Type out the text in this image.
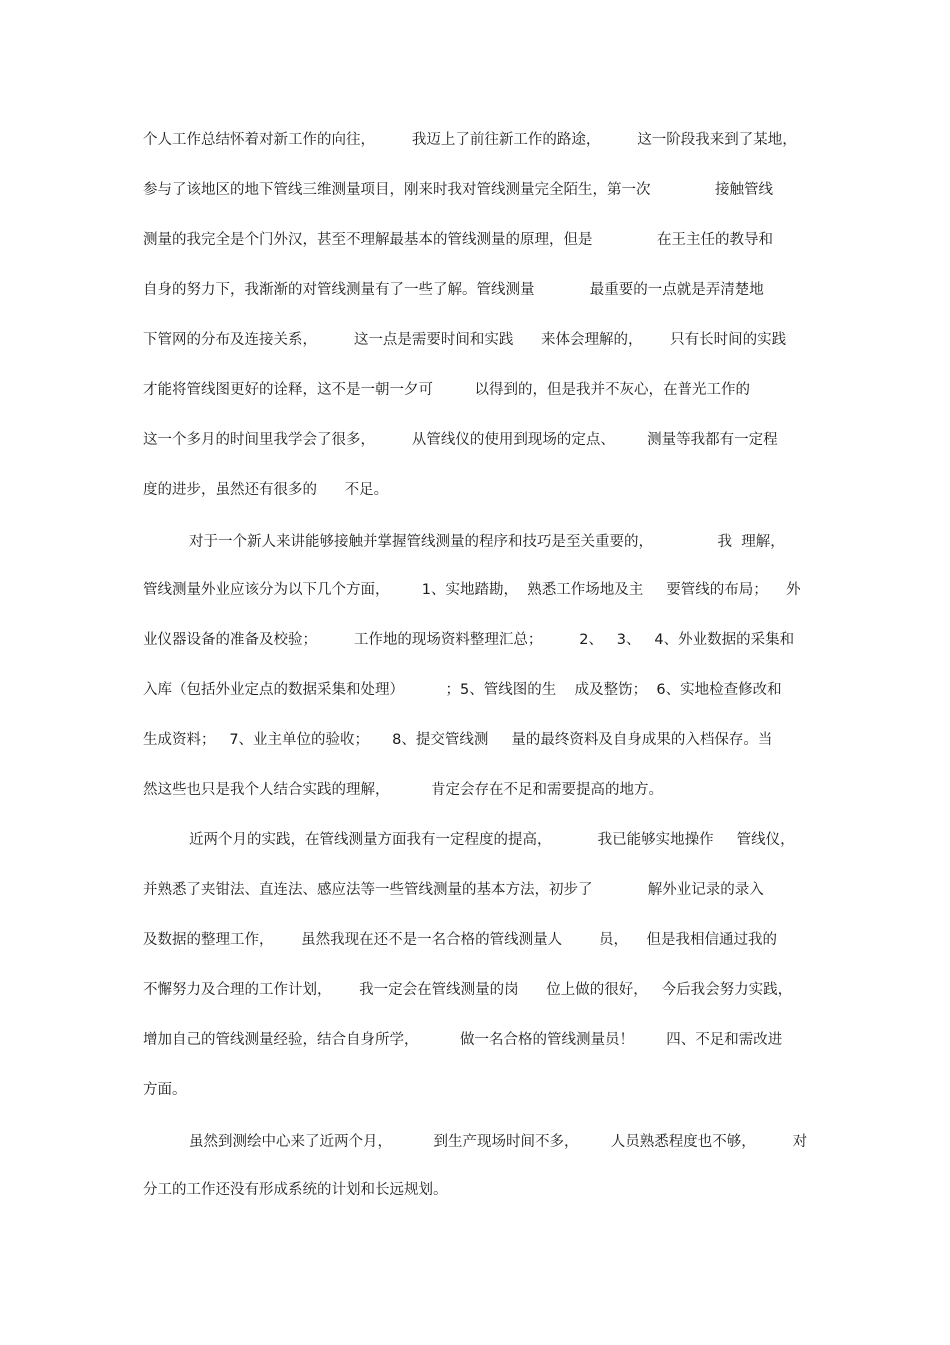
个人工作总结怀着对新工作的向往，        我迈上了前往新工作的路途，        这一阶段我来到了某地，
参与了该地区的地下管线三维测量项目，刚来时我对管线测量完全陌生，第一次              接触管线
测量的我完全是个门外汉，甚至不理解最基本的管线测量的原理，但是              在王主任的教导和
自身的努力下，我渐渐的对管线测量有了一些了解。管线测量            最重要的一点就是弄清楚地
下管网的分布及连接关系，        这一点是需要时间和实践      来体会理解的，      只有长时间的实践
才能将管线图更好的诠释，这不是一朝一夕可         以得到的，但是我并不灰心，在普光工作的
这一个多月的时间里我学会了很多，        从管线仪的使用到现场的定点、       测量等我都有一定程
度的进步，虽然还有很多的      不足。
对于一个新人来讲能够接触并掌握管线测量的程序和技巧是至关重要的，              我  理解，
管线测量外业应该分为以下几个方面，       1、实地踏勘，  熟悉工作场地及主     要管线的布局；    外
业仪器设备的准备及校验；        工作地的现场资料整理汇总；        2、   3、   4、外业数据的采集和
入库（包括外业定点的数据采集和处理）         ；5、管线图的生    成及整饬；  6、实地检查修改和
生成资料；   7、业主单位的验收；     8、提交管线测     量的最终资料及自身成果的入档保存。当
然这些也只是我个人结合实践的理解，         肯定会存在不足和需要提高的地方。
近两个月的实践，在管线测量方面我有一定程度的提高，          我已能够实地操作     管线仪，
并熟悉了夹钳法、直连法、感应法等一些管线测量的基本方法，初步了            解外业记录的录入
及数据的整理工作，      虽然我现在还不是一名合格的管线测量人        员，    但是我相信通过我的
不懈努力及合理的工作计划，      我一定会在管线测量的岗      位上做的很好，   今后我会努力实践，
增加自己的管线测量经验，结合自身所学，         做一名合格的管线测量员！       四、不足和需改进
方面。
虽然到测绘中心来了近两个月，         到生产现场时间不多，       人员熟悉程度也不够，        对
分工的工作还没有形成系统的计划和长远规划。
